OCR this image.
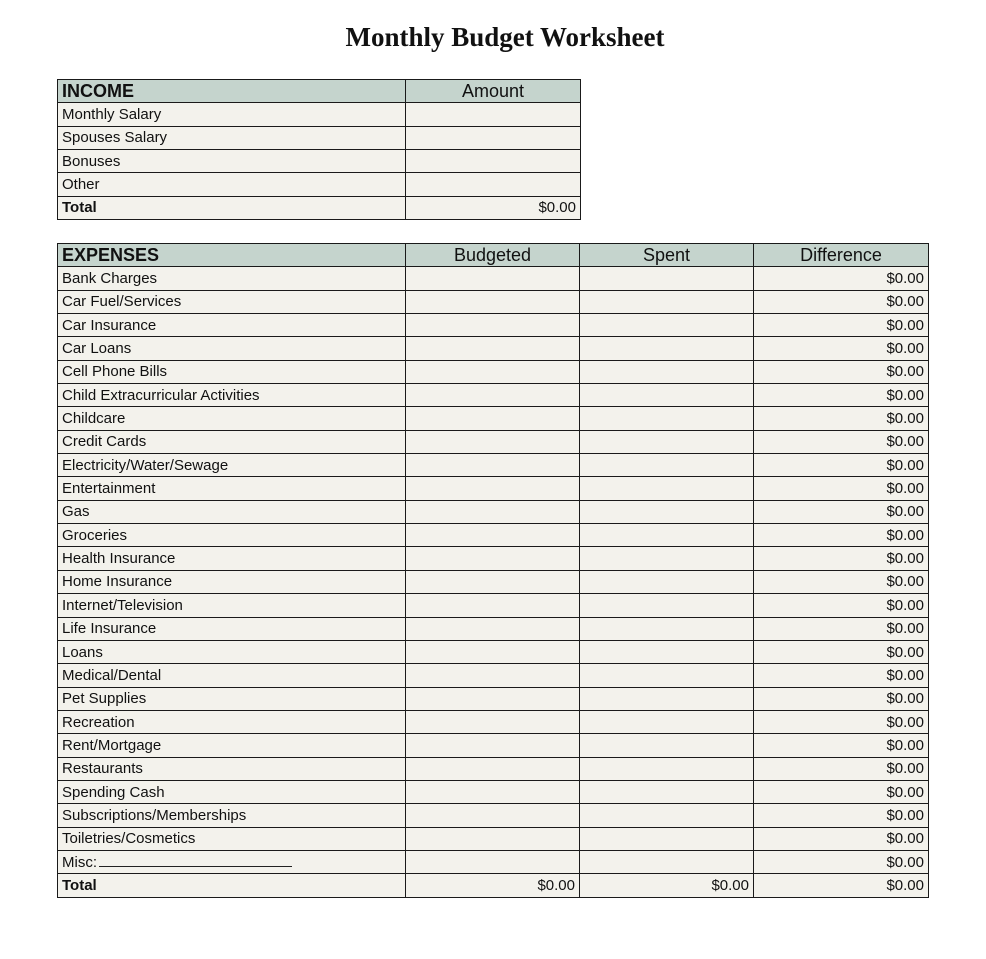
Monthly Budget Worksheet
INCOME	Amount
Monthly Salary	
Spouses Salary	
Bonuses	
Other	
Total	$0.00
EXPENSES	Budgeted	Spent	Difference
Bank Charges			$0.00
Car Fuel/Services			$0.00
Car Insurance			$0.00
Car Loans			$0.00
Cell Phone Bills			$0.00
Child Extracurricular Activities			$0.00
Childcare			$0.00
Credit Cards			$0.00
Electricity/Water/Sewage			$0.00
Entertainment			$0.00
Gas			$0.00
Groceries			$0.00
Health Insurance			$0.00
Home Insurance			$0.00
Internet/Television			$0.00
Life Insurance			$0.00
Loans			$0.00
Medical/Dental			$0.00
Pet Supplies			$0.00
Recreation			$0.00
Rent/Mortgage			$0.00
Restaurants			$0.00
Spending Cash			$0.00
Subscriptions/Memberships			$0.00
Toiletries/Cosmetics			$0.00
Misc:			$0.00
Total	$0.00	$0.00	$0.00
